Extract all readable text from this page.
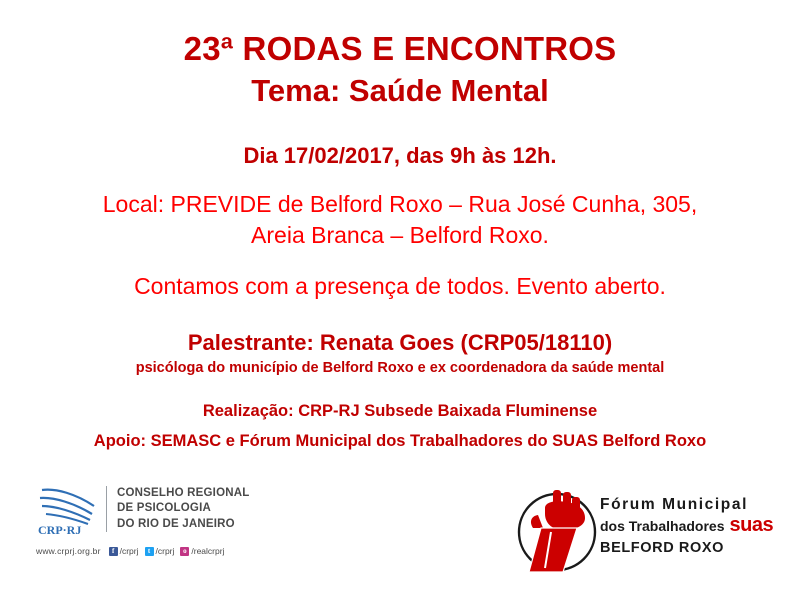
23ª RODAS E ENCONTROS
Tema: Saúde Mental
Dia 17/02/2017, das 9h às 12h.
Local: PREVIDE de Belford Roxo – Rua José Cunha, 305,
Areia Branca – Belford Roxo.
Contamos com a presença de todos. Evento aberto.
Palestrante: Renata Goes (CRP05/18110)
psicóloga do município de Belford Roxo e ex coordenadora da saúde mental
Realização: CRP-RJ Subsede Baixada Fluminense
Apoio: SEMASC e Fórum Municipal dos Trabalhadores do SUAS Belford Roxo
CRP·RJ
CONSELHO REGIONAL
DE PSICOLOGIA
DO RIO DE JANEIRO
www.crprj.org.br	f /crprj	t /crprj	o /realcrprj
Fórum Municipal
dos Trabalhadores suas
BELFORD ROXO
